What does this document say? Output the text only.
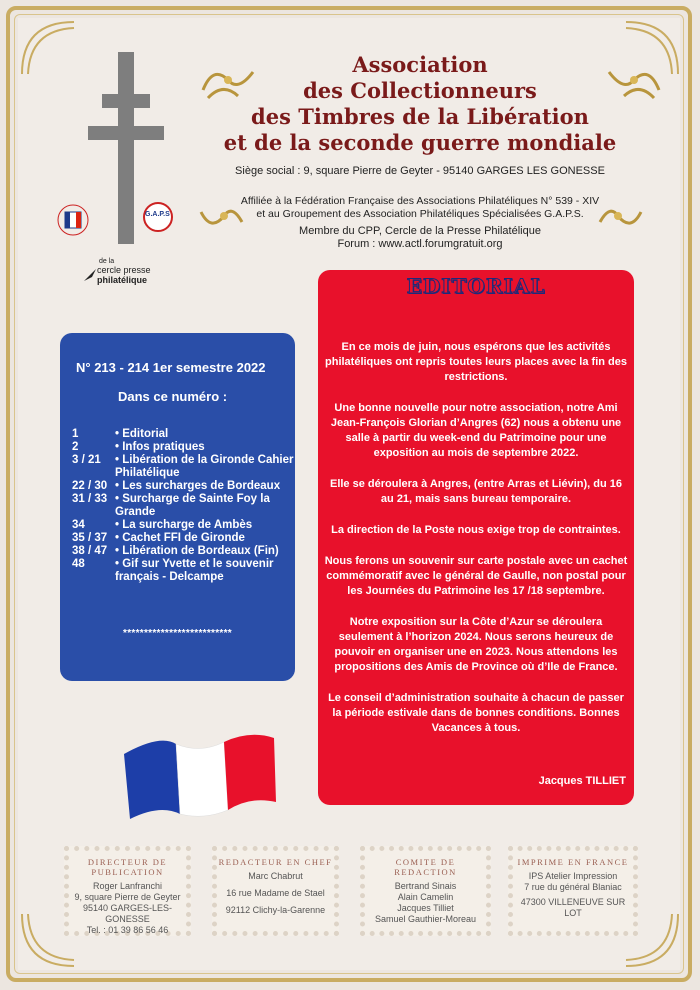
Association
des Collectionneurs
des Timbres de la Libération
et de la seconde guerre mondiale
Siège social : 9, square Pierre de Geyter - 95140 GARGES LES GONESSE
Affiliée à la Fédération Française des Associations Philatéliques N° 539 - XIV
et au Groupement des Association Philatéliques Spécialisées G.A.P.S.
Membre du CPP, Cercle de la Presse Philatélique
Forum : www.actl.forumgratuit.org
G.A.P.S
de la
cercle presse
philatélique
N° 213 - 214 1er semestre 2022
Dans ce numéro :
1	• Editorial
2	• Infos pratiques
3 / 21	• Libération de la Gironde Cahier Philatélique
22 / 30 • Les surcharges de Bordeaux
31 / 33 • Surcharge de Sainte Foy la Grande
34	• La surcharge de Ambès
35 / 37 • Cachet FFI de Gironde
38 / 47 • Libération de Bordeaux (Fin)
48	• Gif sur Yvette et le souvenir français - Delcampe
**************************
EDITORIAL

En ce mois de juin, nous espérons que les activités philatéliques ont repris toutes leurs places avec la fin des restrictions.

Une bonne nouvelle pour notre association, notre Ami Jean-François Glorian d’Angres (62) nous a obtenu une salle à partir du week-end du Patrimoine pour une exposition au mois de septembre 2022.

Elle se déroulera à Angres, (entre Arras et Liévin), du 16 au 21, mais sans bureau temporaire.

La direction de la Poste nous exige trop de contraintes.

Nous ferons un souvenir sur carte postale avec un cachet commémoratif avec le général de Gaulle, non postal pour les Journées du Patrimoine les 17 /18 septembre.

Notre exposition sur la Côte d’Azur se déroulera seulement à l’horizon 2024. Nous serons heureux de pouvoir en organiser une en 2023. Nous attendons les propositions des Amis de Province où d’Ile de France.

Le conseil d’administration souhaite à chacun de passer la période estivale dans de bonnes conditions. Bonnes Vacances à tous.

Jacques TILLIET
DIRECTEUR DE PUBLICATION
Roger Lanfranchi
9, square Pierre de Geyter
95140 GARGES-LES-GONESSE
Tel. : 01 39 86 56 46
REDACTEUR EN CHEF
Marc Chabrut
16 rue Madame de Stael
92112 Clichy-la-Garenne
COMITE DE REDACTION
Bertrand Sinais
Alain Camelin
Jacques Tilliet
Samuel Gauthier-Moreau
IMPRIME EN FRANCE
IPS Atelier Impression
7 rue du général Blaniac
47300 VILLENEUVE SUR LOT
